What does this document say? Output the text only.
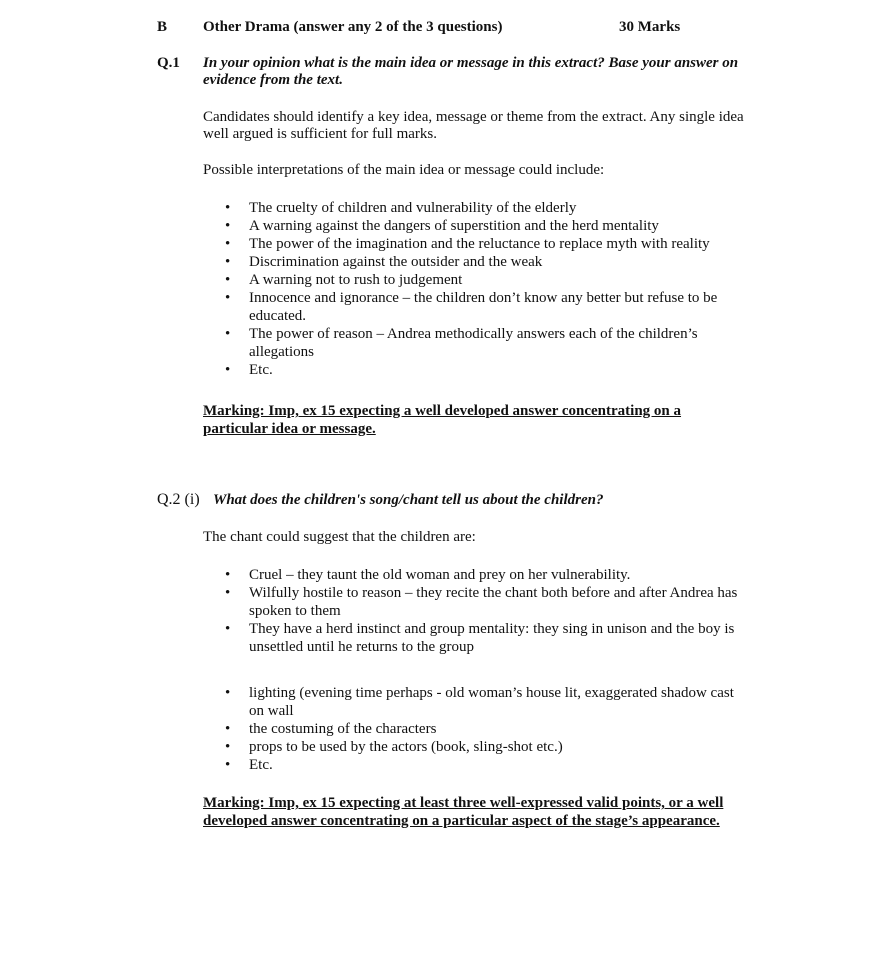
B Other Drama (answer any 2 of the 3 questions)	30 Marks
Q.1 In your opinion what is the main idea or message in this extract? Base your answer on evidence from the text.
Candidates should identify a key idea, message or theme from the extract. Any single idea well argued is sufficient for full marks.
Possible interpretations of the main idea or message could include:
• The cruelty of children and vulnerability of the elderly
• A warning against the dangers of superstition and the herd mentality
• The power of the imagination and the reluctance to replace myth with reality
• Discrimination against the outsider and the weak
• A warning not to rush to judgement
• Innocence and ignorance – the children don’t know any better but refuse to be educated.
• The power of reason – Andrea methodically answers each of the children’s allegations
• Etc.
Marking: Imp, ex 15 expecting a well developed answer concentrating on a particular idea or message.
Q.2 (i) What does the children's song/chant tell us about the children?
The chant could suggest that the children are:
• Cruel – they taunt the old woman and prey on her vulnerability.
• Wilfully hostile to reason – they recite the chant both before and after Andrea has spoken to them
• They have a herd instinct and group mentality: they sing in unison and the boy is unsettled until he returns to the group
• lighting (evening time perhaps - old woman’s house lit, exaggerated shadow cast on wall
• the costuming of the characters
• props to be used by the actors (book, sling-shot etc.)
• Etc.
Marking: Imp, ex 15 expecting at least three well-expressed valid points, or a well developed answer concentrating on a particular aspect of the stage’s appearance.
